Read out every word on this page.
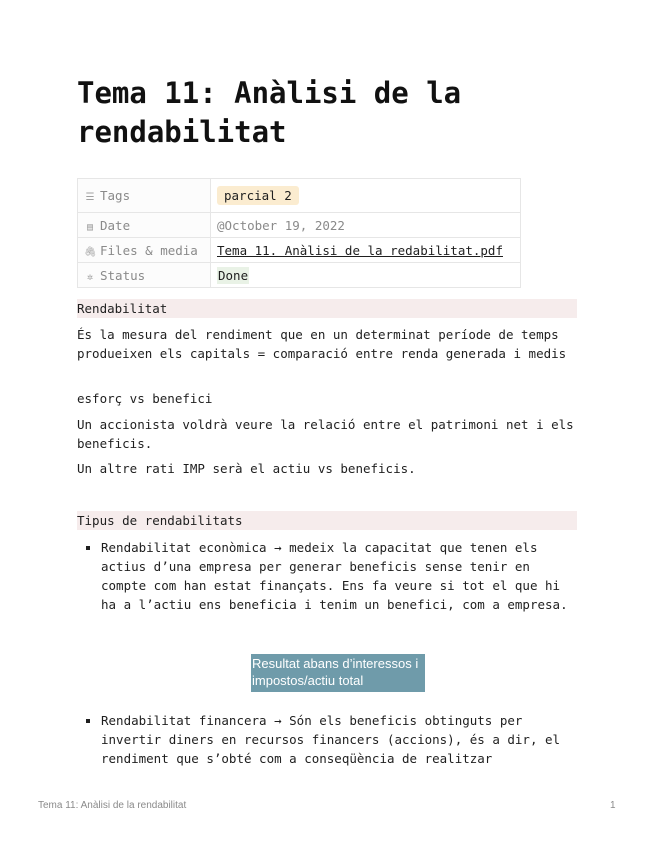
Tema 11: Anàlisi de la rendabilitat
☰ Tags	parcial 2
▤ Date	@October 19, 2022
🖇 Files & media	Tema 11. Anàlisi de la redabilitat.pdf
✲ Status	Done
Rendabilitat

És la mesura del rendiment que en un determinat període de temps produeixen els capitals = comparació entre renda generada i medis

esforç vs benefici

Un accionista voldrà veure la relació entre el patrimoni net i els beneficis.

Un altre rati IMP serà el actiu vs beneficis.

Tipus de rendabilitats
Rendabilitat econòmica → medeix la capacitat que tenen els actius d’una empresa per generar beneficis sense tenir en compte com han estat finançats. Ens fa veure si tot el que hi ha a l’actiu ens beneficia i tenim un benefici, com a empresa.
Resultat abans d’interessos i impostos/actiu total
Rendabilitat financera → Són els beneficis obtinguts per invertir diners en recursos financers (accions), és a dir, el rendiment que s’obté com a conseqüència de realitzar
Tema 11: Anàlisi de la rendabilitat	1
